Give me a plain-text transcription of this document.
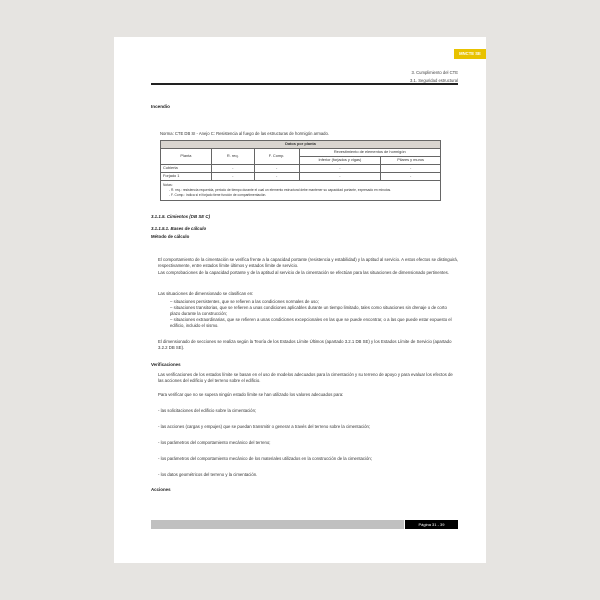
MNCTE SE
3. Cumplimiento del CTE
3.1. Seguridad estructural
Incendio
Norma: CTE DB SI - Anejo C: Resistencia al fuego de las estructuras de hormigón armado.
Datos por planta				
Planta	R. req.	F. Comp.	Revestimiento de elementos de hormigón	
			Inferior (forjados y vigas)	Pilares y muros
Cubierta	-	-	-	-
Forjado 1	-	-	-	-

Notas:
- R. req.: resistencia requerida, periodo de tiempo durante el cual un elemento estructural debe mantener su capacidad portante, expresado en minutos.
- F. Comp.: indica si el forjado tiene función de compartimentación.				
3.1.1.5. Cimientos (DB SE C)
3.1.1.5.1. Bases de cálculo
Método de cálculo
El comportamiento de la cimentación se verifica frente a la capacidad portante (resistencia y estabilidad) y la aptitud al servicio. A estos efectos se distinguirá, respectivamente, entre estados límite últimos y estados límite de servicio.
Las comprobaciones de la capacidad portante y de la aptitud al servicio de la cimentación se efectúan para las situaciones de dimensionado pertinentes.
Las situaciones de dimensionado se clasifican en:
– situaciones persistentes, que se refieren a las condiciones normales de uso;
– situaciones transitorias, que se refieren a unas condiciones aplicables durante un tiempo limitado, tales como situaciones sin drenaje o de corto plazo durante la construcción;
– situaciones extraordinarias, que se refieren a unas condiciones excepcionales en las que se puede encontrar, o a las que puede estar expuesto el edificio, incluido el sismo.
El dimensionado de secciones se realiza según la Teoría de los Estados Límite Últimos (apartado 3.2.1 DB SE) y los Estados Límite de Servicio (apartado 3.2.2 DB SE).
Verificaciones
Las verificaciones de los estados límite se basan en el uso de modelos adecuados para la cimentación y su terreno de apoyo y para evaluar los efectos de las acciones del edificio y del terreno sobre el edificio.
Para verificar que no se supera ningún estado límite se han utilizado los valores adecuados para:
- las solicitaciones del edificio sobre la cimentación;
- las acciones (cargas y empujes) que se puedan transmitir o generar a través del terreno sobre la cimentación;
- los parámetros del comportamiento mecánico del terreno;
- los parámetros del comportamiento mecánico de los materiales utilizados en la construcción de la cimentación;
- los datos geométricos del terreno y la cimentación.
Acciones
Página 31 - 39
